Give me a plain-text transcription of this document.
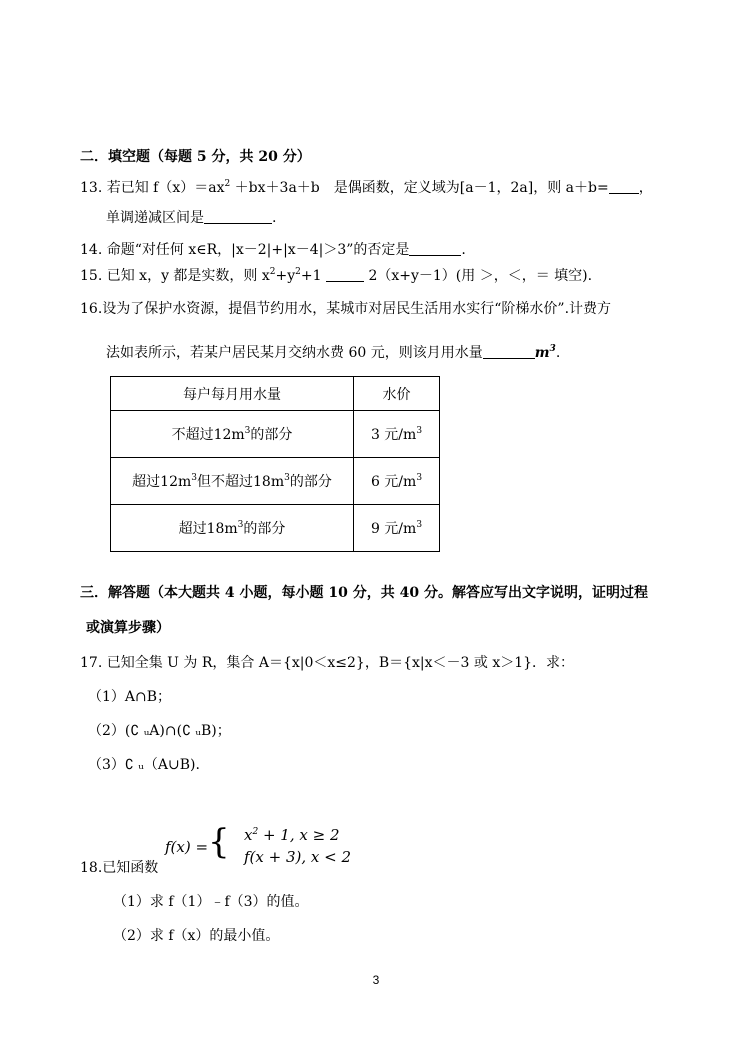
二．填空题（每题 5 分，共 20 分）
13. 若已知 $f(x)=ax^2 +bx+3a+b$　是偶函数，定义域为[a－1，2a]，则 a＋b= ，
单调递减区间是	.
14. 命题“对任何 x∈R，|x－2|+|x－4|＞3”的否定是	.
15. 已知 x，y 都是实数，则 $x^2+y^2+1$	2（x+y－1）(用 ＞，＜，＝ 填空).
16.设为了保护水资源，提倡节约用水，某城市对居民生活用水实行“阶梯水价”.计费方
法如表所示，若某户居民某月交纳水费 60 元，则该月用水量	$m^3$.
每户每月用水量	水价
不超过$12m^3$的部分	3 元$/m^3$
超过$12m^3$但不超过$18m^3$的部分	6 元$/m^3$
超过$18m^3$的部分	9 元$/m^3$
三．解答题（本大题共 4 小题，每小题 10 分，共 40 分。解答应写出文字说明，证明过程
或演算步骤）
17. 已知全集 U 为 R，集合 A＝{x|0＜x≤2}，B＝{x|x＜－3 或 x＞1}．求：
（1）A∩B；
（2）(∁ ᵤA)∩(∁ ᵤB)；
（3）∁ ᵤ（A∪B).
f(x) = { $x^2 + 1$, x ≥ 2
f(x + 3), x < 2
18.已知函数
（1）求 f（1）﹣f（3）的值。
（2）求 f（x）的最小值。
3
